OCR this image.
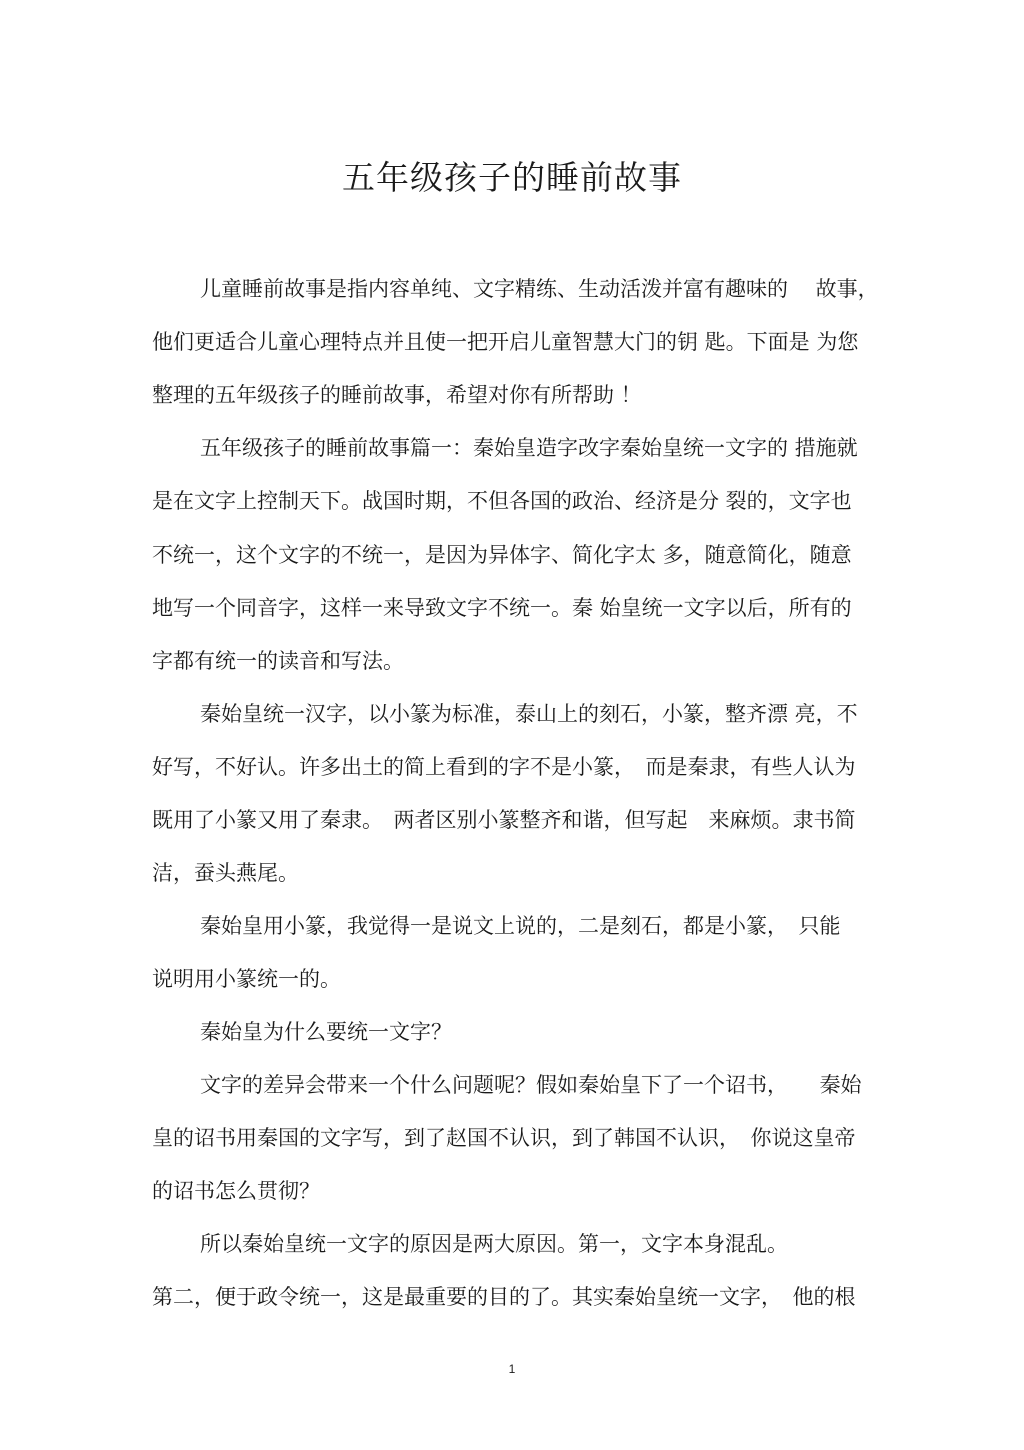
五年级孩子的睡前故事
儿童睡前故事是指内容单纯、文字精练、生动活泼并富有趣味的　 故事，
他们更适合儿童心理特点并且使一把开启儿童智慧大门的钥 匙。下面是 为您
整理的五年级孩子的睡前故事，希望对你有所帮助 ！
五年级孩子的睡前故事篇一：秦始皇造字改字秦始皇统一文字的 措施就
是在文字上控制天下。战国时期，不但各国的政治、经济是分 裂的，文字也
不统一，这个文字的不统一，是因为异体字、简化字太 多，随意简化，随意
地写一个同音字，这样一来导致文字不统一。秦 始皇统一文字以后，所有的
字都有统一的读音和写法。
秦始皇统一汉字，以小篆为标准，泰山上的刻石，小篆，整齐漂 亮，不
好写，不好认。许多出土的简上看到的字不是小篆，　而是秦隶，有些人认为
既用了小篆又用了秦隶。　两者区别小篆整齐和谐，但写起　来麻烦。隶书简
洁，蚕头燕尾。
秦始皇用小篆，我觉得一是说文上说的，二是刻石，都是小篆，　只能
说明用小篆统一的。
秦始皇为什么要统一文字？
文字的差异会带来一个什么问题呢？假如秦始皇下了一个诏书，　　秦始
皇的诏书用秦国的文字写，到了赵国不认识，到了韩国不认识，　你说这皇帝
的诏书怎么贯彻？
所以秦始皇统一文字的原因是两大原因。第一，文字本身混乱。
第二，便于政令统一，这是最重要的目的了。其实秦始皇统一文字，　他的根
1
